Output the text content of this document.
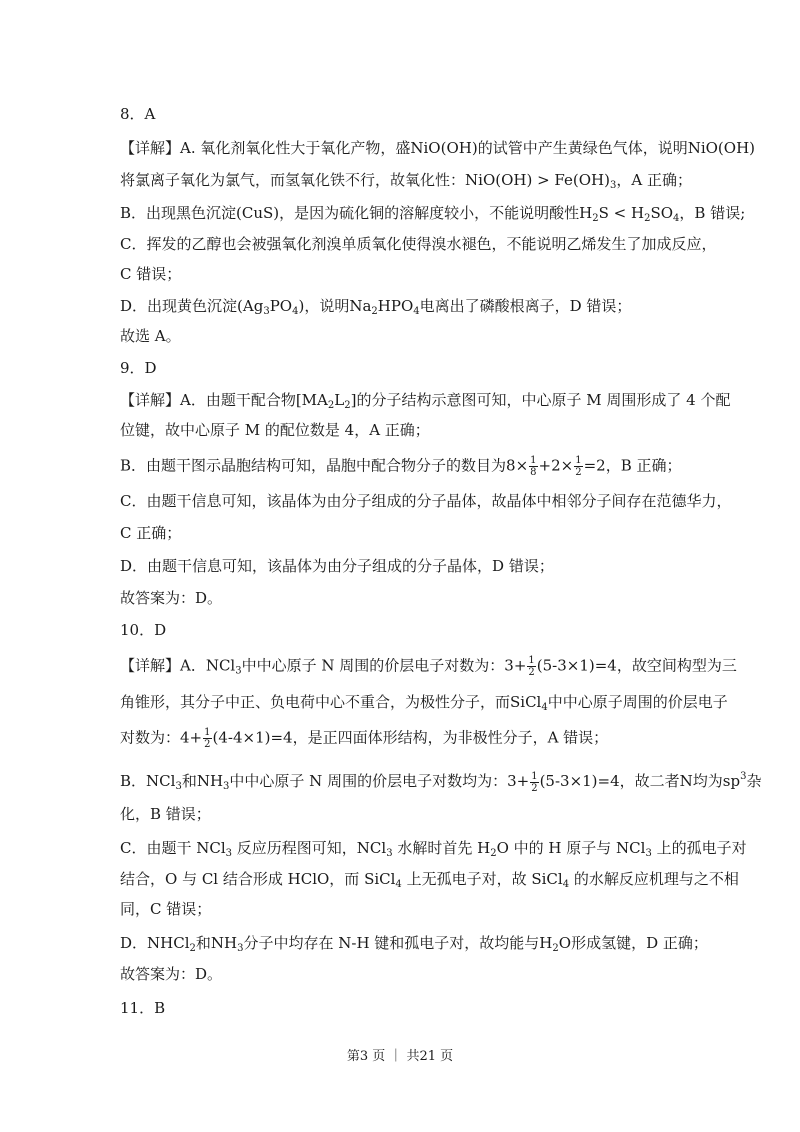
8．A
【详解】A. 氧化剂氧化性大于氧化产物，盛NiO(OH)的试管中产生黄绿色气体，说明NiO(OH)
将氯离子氧化为氯气，而氢氧化铁不行，故氧化性：$NiO(OH) > Fe(OH)_3$，A 正确；
B．出现黑色沉淀(CuS)，是因为硫化铜的溶解度较小，不能说明酸性$H_2S < H_2SO_4$，B 错误;
C．挥发的乙醇也会被强氧化剂溴单质氧化使得溴水褪色，不能说明乙烯发生了加成反应，
C 错误；
D．出现黄色沉淀$(Ag_3PO_4)$，说明$Na_2HPO_4$电离出了磷酸根离子，D 错误；
故选 A。
9．D
【详解】A．由题干配合物$[MA_2L_2]$的分子结构示意图可知，中心原子 M 周围形成了 4 个配
位键，故中心原子 M 的配位数是 4，A 正确；
B．由题干图示晶胞结构可知，晶胞中配合物分子的数目为$8\times \frac{1}{8} +2\times \frac{1}{2} =2$，B 正确；
C．由题干信息可知，该晶体为由分子组成的分子晶体，故晶体中相邻分子间存在范德华力，
C 正确；
D．由题干信息可知，该晶体为由分子组成的分子晶体，D 错误；
故答案为：D。
10．D
【详解】A．NCl$_3$中中心原子 N 周围的价层电子对数为：$3+ \frac{1}{2} (5-3\times 1)=4$，故空间构型为三
角锥形，其分子中正、负电荷中心不重合，为极性分子，而SiCl$_4$中中心原子周围的价层电子
对数为：$4+ \frac{1}{2} (4-4\times 1)=4$，是正四面体形结构，为非极性分子，A 错误；
B．NCl$_3$和$NH_3$中中心原子 N 周围的价层电子对数均为：$3+ \frac{1}{2} (5-3\times 1)=4$，故二者N均为$sp^3$杂
化，B 错误；
C．由题干 NCl$_3$ 反应历程图可知，NCl$_3$ 水解时首先 $H_2O$ 中的 H 原子与 NCl$_3$ 上的孤电子对
结合，O 与 Cl 结合形成 HClO，而 SiCl$_4$ 上无孤电子对，故 SiCl$_4$ 的水解反应机理与之不相
同，C 错误；
D．NHCl$_2$和$NH_3$分子中均存在 N-H 键和孤电子对，故均能与$H_2O$形成氢键，D 正确；
故答案为：D。
11．B
第3 页 ｜ 共21 页
